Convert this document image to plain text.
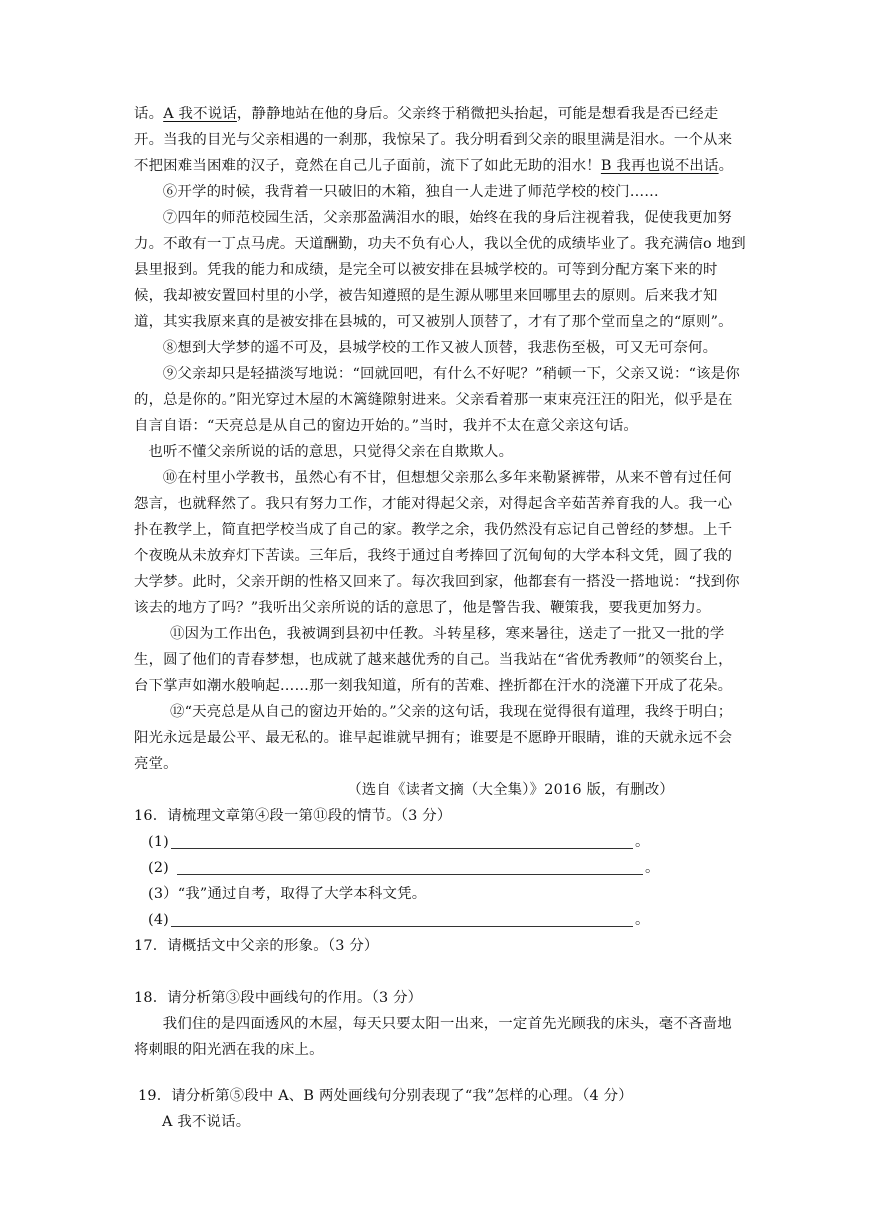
话。A 我不说话，静静地站在他的身后。父亲终于稍微把头抬起，可能是想看我是否已经走开。当我的目光与父亲相遇的一刹那，我惊呆了。我分明看到父亲的眼里满是泪水。一个从来不把困难当困难的汉子，竟然在自己儿子面前，流下了如此无助的泪水！B 我再也说不出话。

⑥开学的时候，我背着一只破旧的木箱，独自一人走进了师范学校的校门……

⑦四年的师范校园生活，父亲那盈满泪水的眼，始终在我的身后注视着我，促使我更加努力。不敢有一丁点马虎。天道酬勤，功夫不负有心人，我以全优的成绩毕业了。我充满信o 地到县里报到。凭我的能力和成绩，是完全可以被安排在县城学校的。可等到分配方案下来的时候，我却被安置回村里的小学，被告知遵照的是生源从哪里来回哪里去的原则。后来我才知道，其实我原来真的是被安排在县城的，可又被别人顶替了，才有了那个堂而皇之的“原则”。

⑧想到大学梦的遥不可及，县城学校的工作又被人顶替，我悲伤至极，可又无可奈何。

⑨父亲却只是轻描淡写地说：“回就回吧，有什么不好呢？”稍顿一下，父亲又说：“该是你的，总是你的。”阳光穿过木屋的木篱缝隙射进来。父亲看着那一束束亮汪汪的阳光，似乎是在自言自语：“天亮总是从自己的窗边开始的。”当时，我并不太在意父亲这句话。

也听不懂父亲所说的话的意思，只觉得父亲在自欺欺人。

⑩在村里小学教书，虽然心有不甘，但想想父亲那么多年来勒紧裤带，从来不曾有过任何怨言，也就释然了。我只有努力工作，才能对得起父亲，对得起含辛茹苦养育我的人。我一心扑在教学上，简直把学校当成了自己的家。教学之余，我仍然没有忘记自己曾经的梦想。上千个夜晚从未放弃灯下苦读。三年后，我终于通过自考捧回了沉甸甸的大学本科文凭，圆了我的大学梦。此时，父亲开朗的性格又回来了。每次我回到家，他都套有一搭没一搭地说：“找到你该去的地方了吗？”我听出父亲所说的话的意思了，他是警告我、鞭策我，要我更加努力。

⑪因为工作出色，我被调到县初中任教。斗转星移，寒来暑往，送走了一批又一批的学生，圆了他们的青春梦想，也成就了越来越优秀的自己。当我站在“省优秀教师”的领奖台上，台下掌声如潮水般响起……那一刻我知道，所有的苦难、挫折都在汗水的浇灌下开成了花朵。

⑫“天亮总是从自己的窗边开始的。”父亲的这句话，我现在觉得很有道理，我终于明白；阳光永远是最公平、最无私的。谁早起谁就早拥有；谁要是不愿睁开眼睛，谁的天就永远不会亮堂。

（选自《读者文摘（大全集）》2016 版，有删改）

16．请梳理文章第④段一第⑪段的情节。（3 分）

(1)	。
(2)	。
(3）“我”通过自考，取得了大学本科文凭。
(4)	。

17．请概括文中父亲的形象。（3 分）

18．请分析第③段中画线句的作用。（3 分）

我们住的是四面透风的木屋，每天只要太阳一出来，一定首先光顾我的床头，毫不吝啬地将刺眼的阳光洒在我的床上。

19．请分析第⑤段中 A、B 两处画线句分别表现了“我”怎样的心理。（4 分）

A 我不说话。
